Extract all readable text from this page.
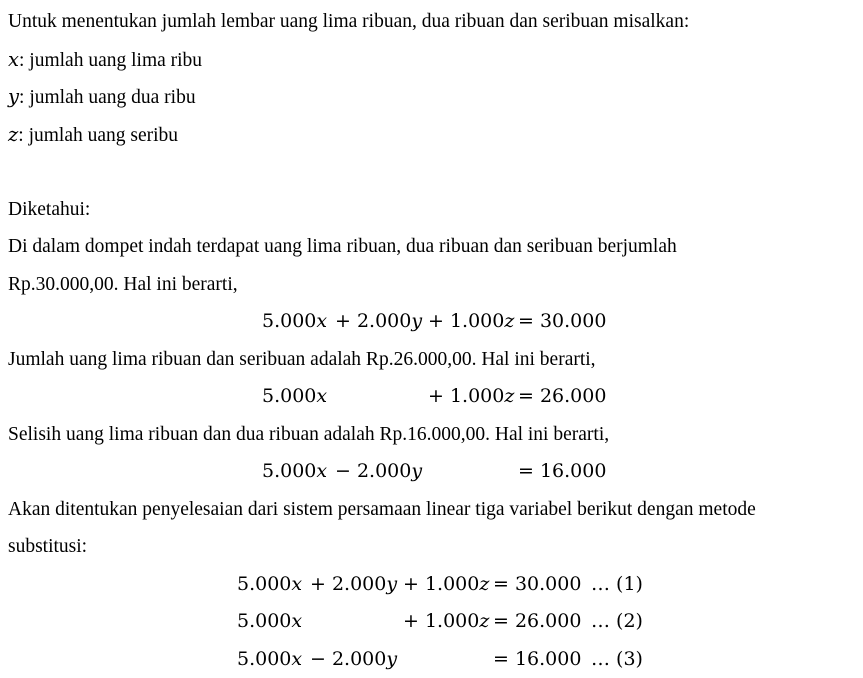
Untuk menentukan jumlah lembar uang lima ribuan, dua ribuan dan seribuan misalkan:
x: jumlah uang lima ribu
y: jumlah uang dua ribu
z: jumlah uang seribu
Diketahui:
Di dalam dompet indah terdapat uang lima ribuan, dua ribuan dan seribuan berjumlah
Rp.30.000,00. Hal ini berarti,
5.000x + 2.000y + 1.000z = 30.000
Jumlah uang lima ribuan dan seribuan adalah Rp.26.000,00. Hal ini berarti,
5.000x	+ 1.000z = 26.000
Selisih uang lima ribuan dan dua ribuan adalah Rp.16.000,00. Hal ini berarti,
5.000x − 2.000y	= 16.000
Akan ditentukan penyelesaian dari sistem persamaan linear tiga variabel berikut dengan metode
substitusi:
5.000x + 2.000y + 1.000z = 30.000 … (1)
5.000x	+ 1.000z = 26.000 … (2)
5.000x − 2.000y	= 16.000 … (3)
